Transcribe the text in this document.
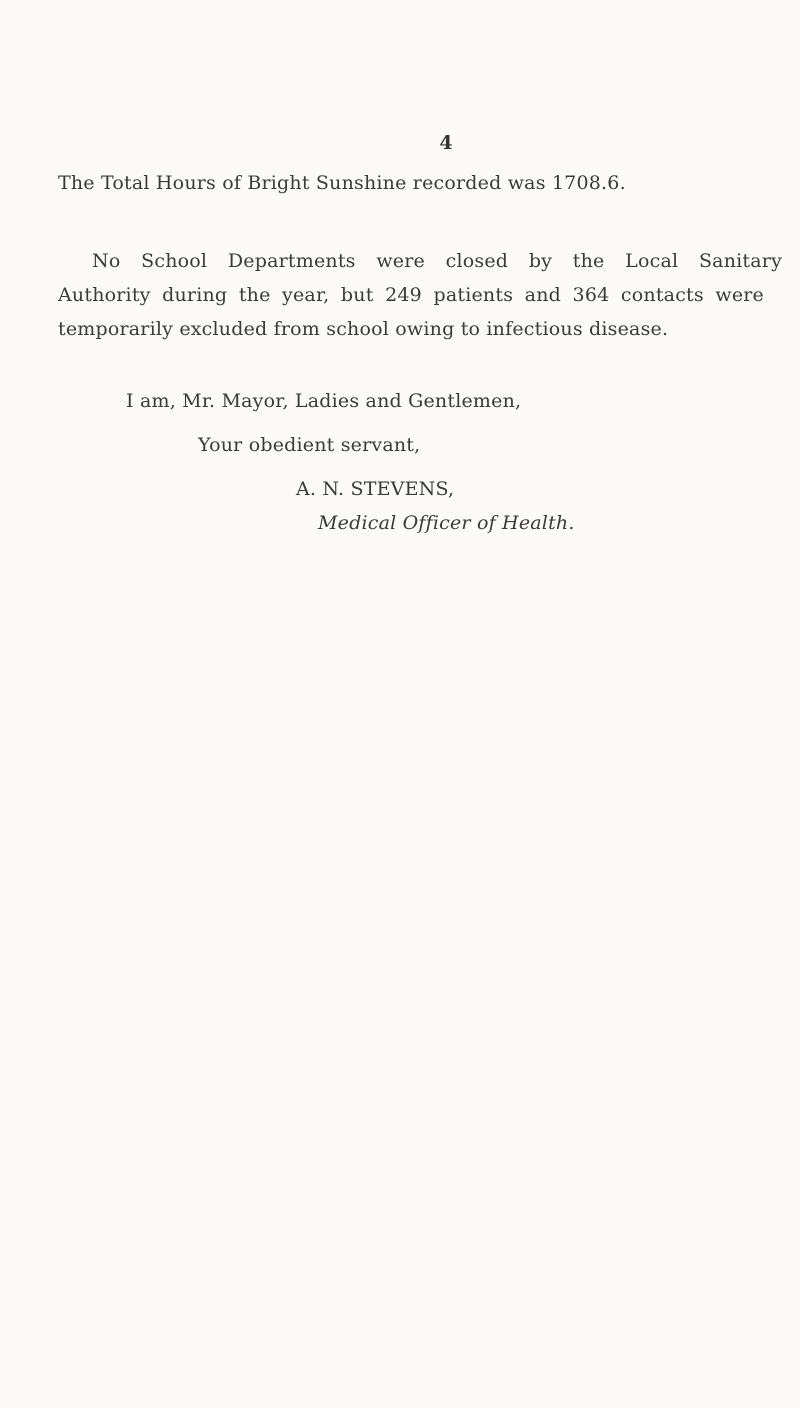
4
The Total Hours of Bright Sunshine recorded was 1708.6.
No School Departments were closed by the Local Sanitary
Authority during the year, but 249 patients and 364 contacts were
temporarily excluded from school owing to infectious disease.
I am, Mr. Mayor, Ladies and Gentlemen,
Your obedient servant,
A. N. STEVENS,
Medical Officer of Health.
